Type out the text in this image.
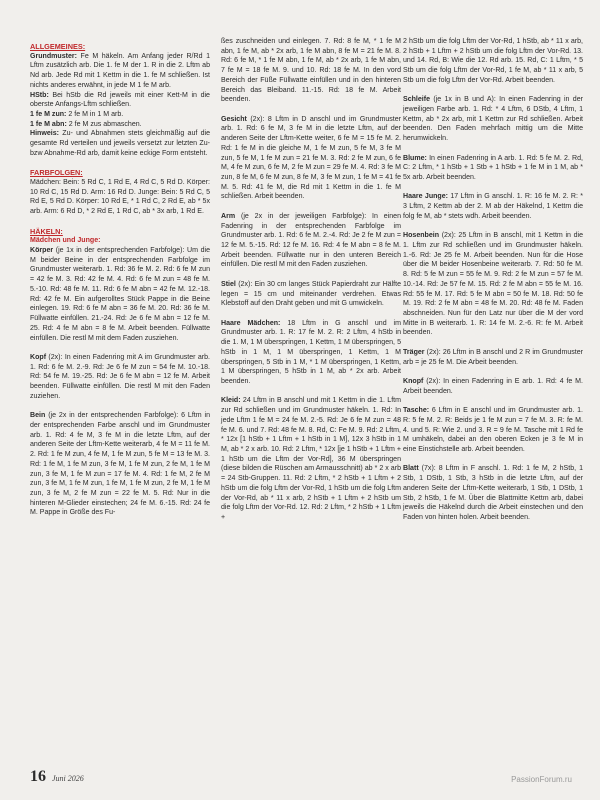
ALLGEMEINES:

Grundmuster: Fe M häkeln. Am Anfang jeder R/Rd 1 Lftm zusätzlich arb. Die 1. fe M der 1. R in die 2. Lftm ab Nd arb. Jede Rd mit 1 Kettm in die 1. fe M schließen. Ist nichts anderes erwähnt, in jede M 1 fe M arb.

HStb: Bei hStb die Rd jeweils mit einer Kett-M in die oberste Anfangs-Lftm schließen.

1 fe M zun: 2 fe M in 1 M arb.

1 fe M abn: 2 fe M zus abmaschen.

Hinweis: Zu- und Abnahmen stets gleichmäßig auf die gesamte Rd verteilen und jeweils versetzt zur letzten Zu- bzw Abnahme-Rd arb, damit keine eckige Form entsteht.

FARBFOLGEN:

Mädchen: Bein: 5 Rd C, 1 Rd E, 4 Rd C, 5 Rd D. Körper: 10 Rd C, 15 Rd D. Arm: 16 Rd D. Junge: Bein: 5 Rd C, 5 Rd E, 5 Rd D. Körper: 10 Rd E, * 1 Rd C, 2 Rd E, ab * 5x arb. Arm: 6 Rd D, * 2 Rd E, 1 Rd C, ab * 3x arb, 1 Rd E.

HÄKELN:

Mädchen und Junge:

Körper (je 1x in der entsprechenden Farbfolge): Um die M beider Beine in der entsprechenden Farbfolge im Grundmuster weiterarb. 1. Rd: 36 fe M. 2. Rd: 6 fe M zun = 42 fe M. 3. Rd: 42 fe M. 4. Rd: 6 fe M zun = 48 fe M. 5.-10. Rd: 48 fe M. 11. Rd: 6 fe M abn = 42 fe M. 12.-18. Rd: 42 fe M. Ein aufgerolltes Stück Pappe in die Beine einlegen. 19. Rd: 6 fe M abn = 36 fe M. 20. Rd: 36 fe M. Füllwatte einfüllen. 21.-24. Rd: Je 6 fe M abn = 12 fe M. 25. Rd: 4 fe M abn = 8 fe M. Arbeit beenden. Füllwatte einfüllen. Die restl M mit dem Faden zusziehen.

Kopf (2x): In einen Fadenring mit A im Grundmuster arb. 1. Rd: 6 fe M. 2.-9. Rd: Je 6 fe M zun = 54 fe M. 10.-18. Rd: 54 fe M. 19.-25. Rd: Je 6 fe M abn = 12 fe M. Arbeit beenden. Füllwatte einfüllen. Die restl M mit den Faden zuziehen.

Bein (je 2x in der entsprechenden Farbfolge): 6 Lftm in der entsprechenden Farbe anschl und im Grundmuster arb. 1. Rd: 4 fe M, 3 fe M in die letzte Lftm, auf der anderen Seite der Lftm-Kette weiterarb, 4 fe M = 11 fe M. 2. Rd: 1 fe M zun, 4 fe M, 1 fe M zun, 5 fe M = 13 fe M. 3. Rd: 1 fe M, 1 fe M zun, 3 fe M, 1 fe M zun, 2 fe M, 1 fe M zun, 3 fe M, 1 fe M zun = 17 fe M. 4. Rd: 1 fe M, 2 fe M zun, 3 fe M, 1 fe M zun, 1 fe M, 1 fe M zun, 2 fe M, 1 fe M zun, 3 fe M, 2 fe M zun = 22 fe M. 5. Rd: Nur in die hinteren M-Glieder einstechen; 24 fe M. 6.-15. Rd: 24 fe M. Pappe in Größe des Fu-

ßes zuschneiden und einlegen. 7. Rd: 8 fe M, * 1 fe M abn, 1 fe M, ab * 2x arb, 1 fe M abn, 8 fe M = 21 fe M. 8. Rd: 6 fe M, * 1 fe M abn, 1 fe M, ab * 2x arb, 1 fe M abn, 7 fe M = 18 fe M. 9. und 10. Rd: 18 fe M. In den vord Bereich der Füße Füllwatte einfüllen und in den hinteren Bereich das Bleiband. 11.-15. Rd: 18 fe M. Arbeit beenden.

Gesicht (2x): 8 Lftm in D anschl und im Grundmuster arb. 1. Rd: 6 fe M, 3 fe M in die letzte Lftm, auf der anderen Seite der Lftm-Kette weiter, 6 fe M = 15 fe M. 2. Rd: 1 fe M in die gleiche M, 1 fe M zun, 5 fe M, 3 fe M zun, 5 fe M, 1 fe M zun = 21 fe M. 3. Rd: 2 fe M zun, 6 fe M, 4 fe M zun, 6 fe M, 2 fe M zun = 29 fe M. 4. Rd: 3 fe M zun, 8 fe M, 6 fe M zun, 8 fe M, 3 fe M zun, 1 fe M = 41 fe M. 5. Rd: 41 fe M, die Rd mit 1 Kettm in die 1. fe M schließen. Arbeit beenden.

Arm (je 2x in der jeweiligen Farbfolge): In einen Fadenring in der entsprechenden Farbfolge im Grundmuster arb. 1. Rd: 6 fe M. 2.-4. Rd: Je 2 fe M zun = 12 fe M. 5.-15. Rd: 12 fe M. 16. Rd: 4 fe M abn = 8 fe M. Arbeit beenden. Füllwatte nur in den unteren Bereich einfüllen. Die restl M mit den Faden zusziehen.

Stiel (2x): Ein 30 cm langes Stück Papierdraht zur Hälfte legen = 15 cm und miteinander verdrehen. Etwas Klebstoff auf den Draht geben und mit G umwickeln.

Haare Mädchen: 18 Lftm in G anschl und im Grundmuster arb. 1. R: 17 fe M. 2. R: 2 Lftm, 4 hStb in die 1. M, 1 M überspringen, 1 Kettm, 1 M überspringen, 5 hStb in 1 M, 1 M überspringen, 1 Kettm, 1 M überspringen, 5 Stb in 1 M, * 1 M überspringen, 1 Kettm, 1 M überspringen, 5 hStb in 1 M, ab * 2x arb. Arbeit beenden.

Kleid: 24 Lftm in B anschl und mit 1 Kettm in die 1. Lftm zur Rd schließen und im Grundmuster häkeln. 1. Rd: In jede Lftm 1 fe M = 24 fe M. 2.-5. Rd: Je 6 fe M zun = 48 fe M. 6. und 7. Rd: 48 fe M. 8. Rd, C: Fe M. 9. Rd: 2 Lftm, * 12x [1 hStb + 1 Lftm + 1 hStb in 1 M], 12x 3 hStb in 1 M, ab * 2 x arb. 10. Rd: 2 Lftm, * 12x [je 1 hStb + 1 Lftm + 1 hStb um die Lftm der Vor-Rd], 36 M überspringen (diese bilden die Rüschen am Armausschnitt) ab * 2 x arb = 24 Stb-Gruppen. 11. Rd: 2 Lftm, * 2 hStb + 1 Lftm + 2 hStb um die folg Lftm der Vor-Rd, 1 hStb um die folg Lftm der Vor-Rd, ab * 11 x arb, 2 hStb + 1 Lftm + 2 hStb um die folg Lftm der Vor-Rd. 12. Rd: 2 Lftm, * 2 hStb + 1 Lftm +

2 hStb um die folg Lftm der Vor-Rd, 1 hStb, ab * 11 x arb, 2 hStb + 1 Lftm + 2 hStb um die folg Lftm der Vor-Rd. 13. und 14. Rd, B: Wie die 12. Rd arb. 15. Rd, C: 1 Lftm, * 5 Stb um die folg Lftm der Vor-Rd, 1 fe M, ab * 11 x arb, 5 Stb um die folg Lftm der Vor-Rd. Arbeit beenden.

Schleife (je 1x in B und A): In einen Fadenring in der jeweiligen Farbe arb. 1. Rd: * 4 Lftm, 6 DStb, 4 Lftm, 1 Kettm, ab * 2x arb, mit 1 Kettm zur Rd schließen. Arbeit beenden. Den Faden mehrfach mittig um die Mitte herumwickeln.

Blume: In einen Fadenring in A arb. 1. Rd: 5 fe M. 2. Rd, C: 2 Lftm, * 1 hStb + 1 Stb + 1 hStb + 1 fe M in 1 M, ab * 5x arb. Arbeit beenden.

Haare Junge: 17 Lftm in G anschl. 1. R: 16 fe M. 2. R: * 3 Lftm, 2 Kettm ab der 2. M ab der Häkelnd, 1 Kettm die folg fe M, ab * stets wdh. Arbeit beenden.

Hosenbein (2x): 25 Lftm in B anschl, mit 1 Kettm in die 1. Lftm zur Rd schließen und im Grundmuster häkeln. 1.-6. Rd: Je 25 fe M. Arbeit beenden. Nun für die Hose über die M beider Hosenbeine weiterarb. 7. Rd: 50 fe M. 8. Rd: 5 fe M zun = 55 fe M. 9. Rd: 2 fe M zun = 57 fe M. 10.-14. Rd: Je 57 fe M. 15. Rd: 2 fe M abn = 55 fe M. 16. Rd: 55 fe M. 17. Rd: 5 fe M abn = 50 fe M. 18. Rd: 50 fe M. 19. Rd: 2 fe M abn = 48 fe M. 20. Rd: 48 fe M. Faden abschneiden. Nun für den Latz nur über die M der vord Mitte in B weiterarb. 1. R: 14 fe M. 2.-6. R: fe M. Arbeit beenden.

Träger (2x): 26 Lftm in B anschl und 2 R im Grundmuster arb = je 25 fe M. Die Arbeit beenden.

Knopf (2x): In einen Fadenring in E arb. 1. Rd: 4 fe M. Arbeit beenden.

Tasche: 6 Lftm in E anschl und im Grundmuster arb. 1. R: 5 fe M. 2. R: Beids je 1 fe M zun = 7 fe M. 3. R: fe M. 4. und 5. R: Wie 2. und 3. R = 9 fe M. Tasche mit 1 Rd fe M umhäkeln, dabei an den oberen Ecken je 3 fe M in eine Einstichstelle arb. Arbeit beenden.

Blatt (7x): 8 Lftm in F anschl. 1. Rd: 1 fe M, 2 hStb, 1 Stb, 1 DStb, 1 Stb, 3 hStb in die letzte Lftm, auf der anderen Seite der Lftm-Kette weiterarb, 1 Stb, 1 DStb, 1 Stb, 2 hStb, 1 fe M. Über die Blattmitte Kettm arb, dabei jeweils die Häkelnd durch die Arbeit einstechen und den Faden von hinten holen. Arbeit beenden.

16 Juni 2026	PassionForum.ru
